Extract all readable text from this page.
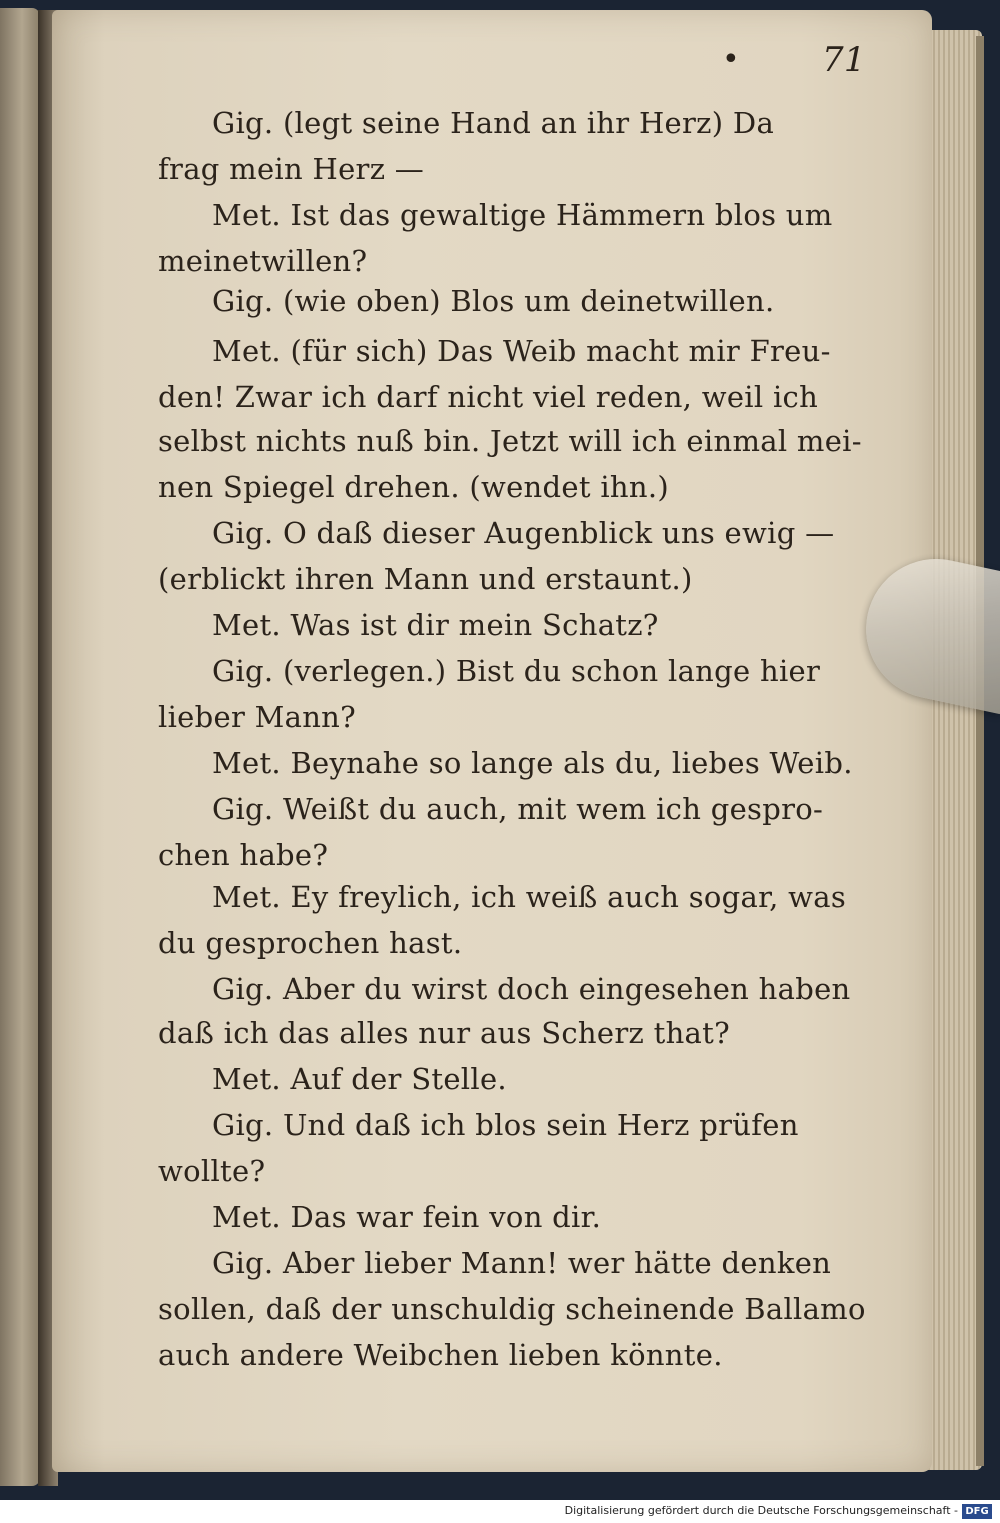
• 71
Gig. (legt seine Hand an ihr Herz) Da
frag mein Herz —
Met. Ist das gewaltige Hämmern blos um
meinetwillen?
Gig. (wie oben) Blos um deinetwillen.
Met. (für sich) Das Weib macht mir Freu-
den! Zwar ich darf nicht viel reden, weil ich
selbst nichts nuß bin. Jetzt will ich einmal mei-
nen Spiegel drehen. (wendet ihn.)
Gig. O daß dieser Augenblick uns ewig —
(erblickt ihren Mann und erstaunt.)
Met. Was ist dir mein Schatz?
Gig. (verlegen.) Bist du schon lange hier
lieber Mann?
Met. Beynahe so lange als du, liebes Weib.
Gig. Weißt du auch, mit wem ich gespro-
chen habe?
Met. Ey freylich, ich weiß auch sogar, was
du gesprochen hast.
Gig. Aber du wirst doch eingesehen haben
daß ich das alles nur aus Scherz that?
Met. Auf der Stelle.
Gig. Und daß ich blos sein Herz prüfen
wollte?
Met. Das war fein von dir.
Gig. Aber lieber Mann! wer hätte denken
sollen, daß der unschuldig scheinende Ballamo
auch andere Weibchen lieben könnte.
Digitalisierung gefördert durch die Deutsche Forschungsgemeinschaft - DFG
